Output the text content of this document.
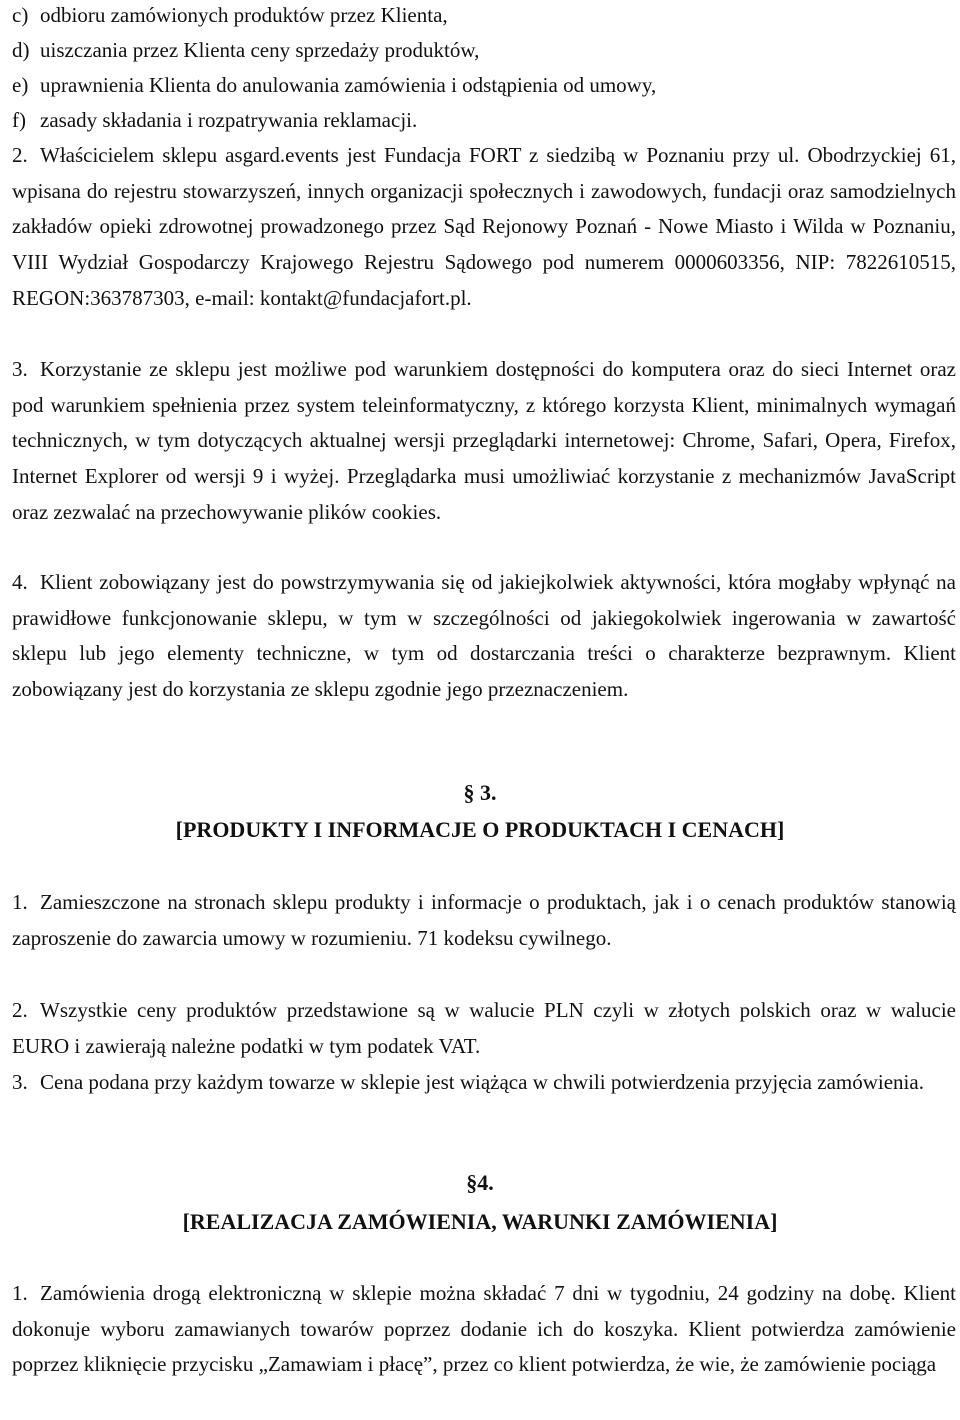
c) odbioru zamówionych produktów przez Klienta,
d) uiszczania przez Klienta ceny sprzedaży produktów,
e) uprawnienia Klienta do anulowania zamówienia i odstąpienia od umowy,
f) zasady składania i rozpatrywania reklamacji.
2. Właścicielem sklepu asgard.events jest Fundacja FORT z siedzibą w Poznaniu przy ul. Obodrzyckiej 61, wpisana do rejestru stowarzyszeń, innych organizacji społecznych i zawodowych, fundacji oraz samodzielnych zakładów opieki zdrowotnej prowadzonego przez Sąd Rejonowy Poznań - Nowe Miasto i Wilda w Poznaniu, VIII Wydział Gospodarczy Krajowego Rejestru Sądowego pod numerem 0000603356, NIP: 7822610515, REGON:363787303, e-mail: kontakt@fundacjafort.pl.
3. Korzystanie ze sklepu jest możliwe pod warunkiem dostępności do komputera oraz do sieci Internet oraz pod warunkiem spełnienia przez system teleinformatyczny, z którego korzysta Klient, minimalnych wymagań technicznych, w tym dotyczących aktualnej wersji przeglądarki internetowej: Chrome, Safari, Opera, Firefox, Internet Explorer od wersji 9 i wyżej. Przeglądarka musi umożliwiać korzystanie z mechanizmów JavaScript oraz zezwalać na przechowywanie plików cookies.
4. Klient zobowiązany jest do powstrzymywania się od jakiejkolwiek aktywności, która mogłaby wpłynąć na prawidłowe funkcjonowanie sklepu, w tym w szczególności od jakiegokolwiek ingerowania w zawartość sklepu lub jego elementy techniczne, w tym od dostarczania treści o charakterze bezprawnym. Klient zobowiązany jest do korzystania ze sklepu zgodnie jego przeznaczeniem.
§ 3.
[PRODUKTY I INFORMACJE O PRODUKTACH I CENACH]
1. Zamieszczone na stronach sklepu produkty i informacje o produktach, jak i o cenach produktów stanowią zaproszenie do zawarcia umowy w rozumieniu. 71 kodeksu cywilnego.
2. Wszystkie ceny produktów przedstawione są w walucie PLN czyli w złotych polskich oraz w walucie EURO i zawierają należne podatki w tym podatek VAT.
3. Cena podana przy każdym towarze w sklepie jest wiążąca w chwili potwierdzenia przyjęcia zamówienia.
§4.
[REALIZACJA ZAMÓWIENIA, WARUNKI ZAMÓWIENIA]
1. Zamówienia drogą elektroniczną w sklepie można składać 7 dni w tygodniu, 24 godziny na dobę. Klient dokonuje wyboru zamawianych towarów poprzez dodanie ich do koszyka. Klient potwierdza zamówienie poprzez kliknięcie przycisku „Zamawiam i płacę”, przez co klient potwierdza, że wie, że zamówienie pociąga
